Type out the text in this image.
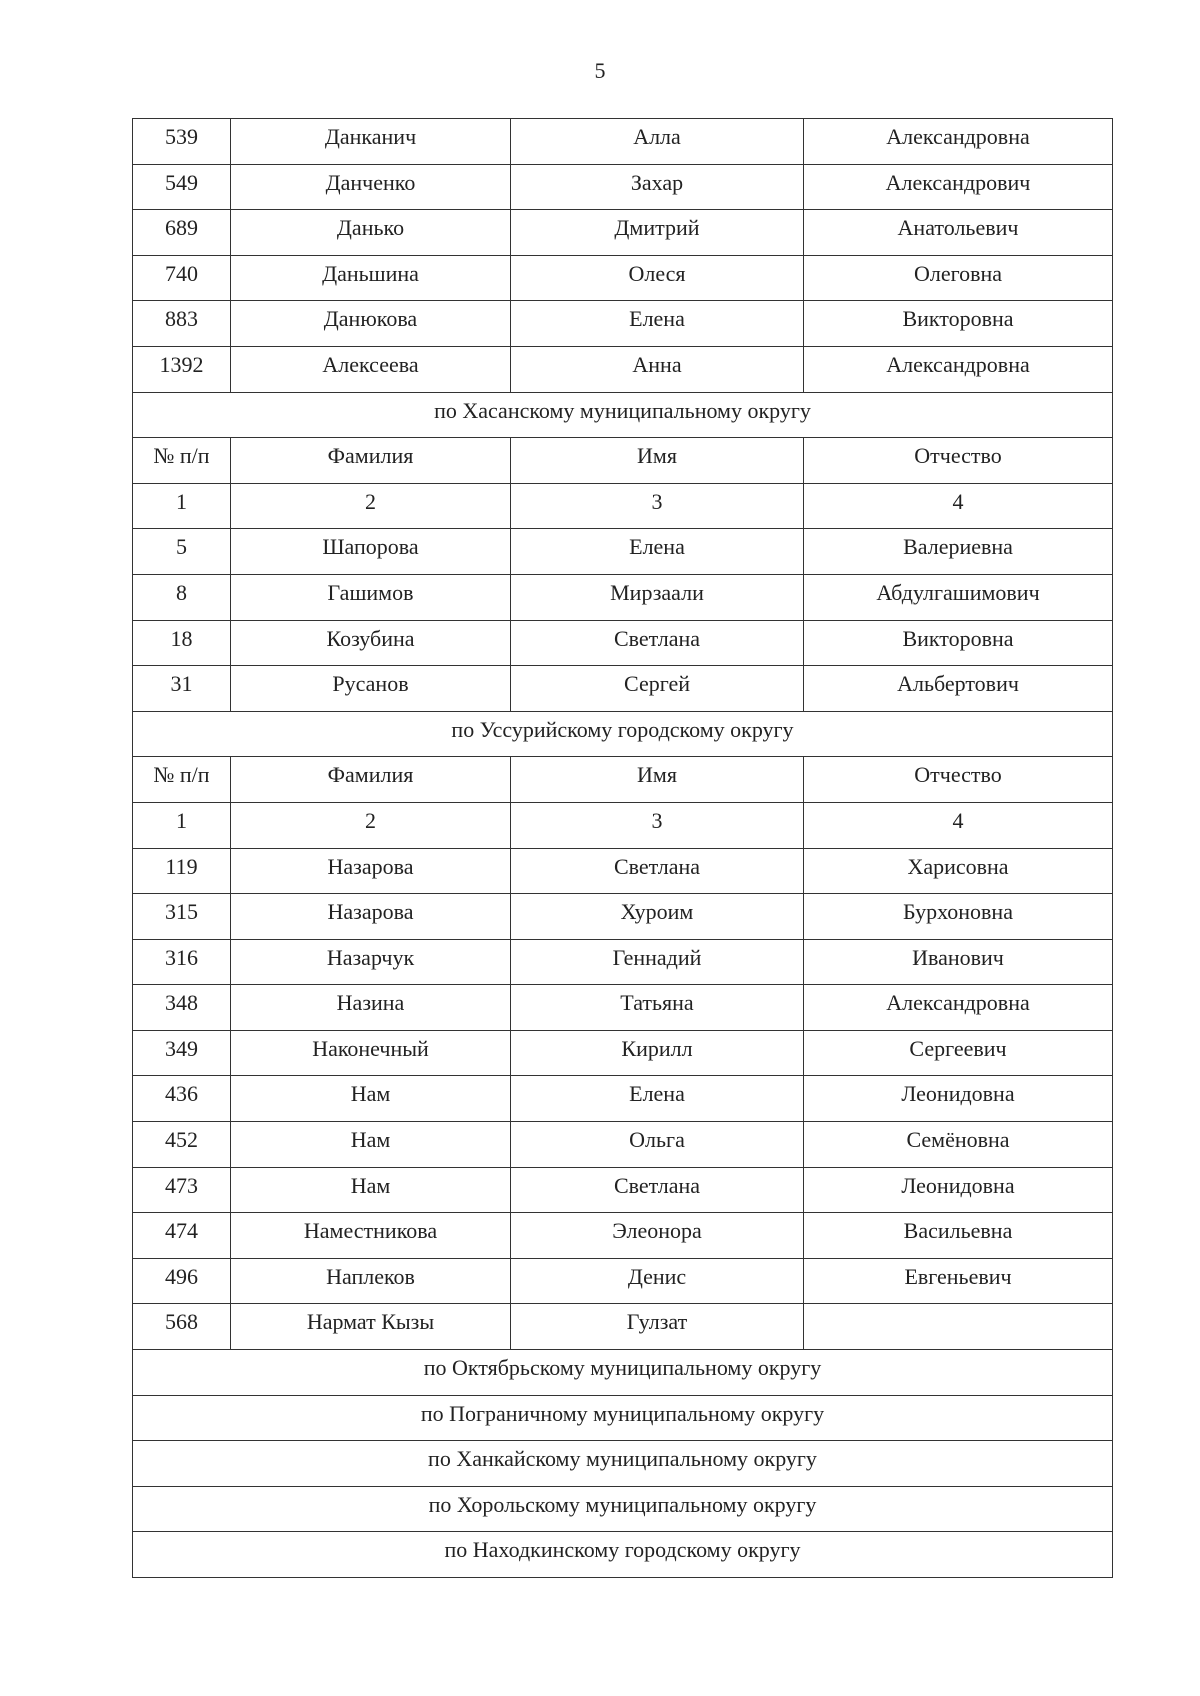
5
539	Данканич	Алла	Александровна
549	Данченко	Захар	Александрович
689	Данько	Дмитрий	Анатольевич
740	Даньшина	Олеся	Олеговна
883	Данюкова	Елена	Викторовна
1392	Алексеева	Анна	Александровна
по Хасанскому муниципальному округу			
№ п/п	Фамилия	Имя	Отчество
1	2	3	4
5	Шапорова	Елена	Валериевна
8	Гашимов	Мирзаали	Абдулгашимович
18	Козубина	Светлана	Викторовна
31	Русанов	Сергей	Альбертович
по Уссурийскому городскому округу			
№ п/п	Фамилия	Имя	Отчество
1	2	3	4
119	Назарова	Светлана	Харисовна
315	Назарова	Хуроим	Бурхоновна
316	Назарчук	Геннадий	Иванович
348	Назина	Татьяна	Александровна
349	Наконечный	Кирилл	Сергеевич
436	Нам	Елена	Леонидовна
452	Нам	Ольга	Семёновна
473	Нам	Светлана	Леонидовна
474	Наместникова	Элеонора	Васильевна
496	Наплеков	Денис	Евгеньевич
568	Нармат Кызы	Гулзат	
по Октябрьскому муниципальному округу			
по Пограничному муниципальному округу			
по Ханкайскому муниципальному округу			
по Хорольскому муниципальному округу			
по Находкинскому городскому округу			
